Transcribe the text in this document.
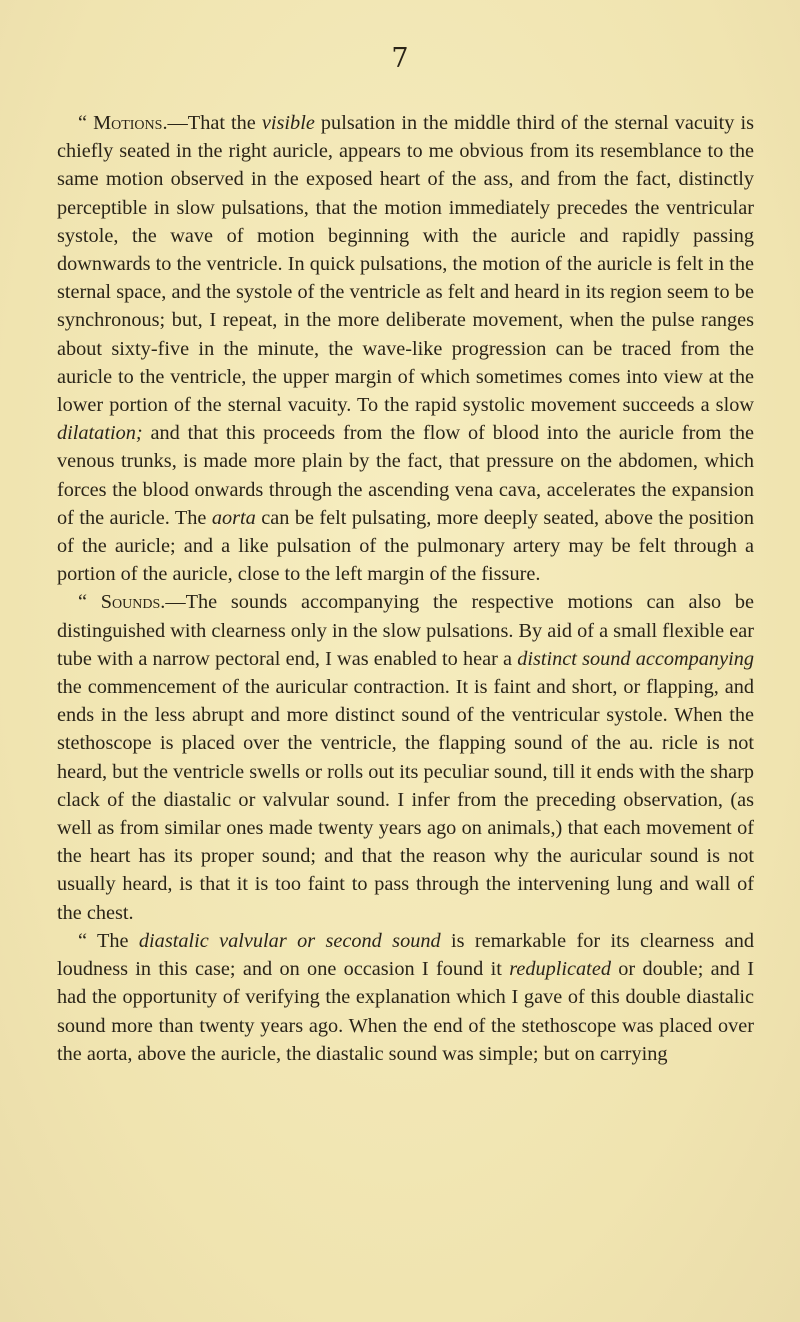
7

“ Motions.—That the visible pulsation in the middle third of the sternal vacuity is chiefly seated in the right auricle, appears to me obvious from its resemblance to the same motion observed in the exposed heart of the ass, and from the fact, distinctly perceptible in slow pulsations, that the motion immediately precedes the ventricular systole, the wave of motion beginning with the auricle and rapidly passing downwards to the ventricle. In quick pulsations, the motion of the auricle is felt in the sternal space, and the systole of the ventricle as felt and heard in its region seem to be synchronous; but, I repeat, in the more deliberate movement, when the pulse ranges about sixty-five in the minute, the wave-like progression can be traced from the auricle to the ventricle, the upper margin of which sometimes comes into view at the lower portion of the sternal vacuity. To the rapid systolic movement succeeds a slow dilatation; and that this proceeds from the flow of blood into the auricle from the venous trunks, is made more plain by the fact, that pressure on the abdomen, which forces the blood onwards through the ascending vena cava, accelerates the expansion of the auricle. The aorta can be felt pulsating, more deeply seated, above the position of the auricle; and a like pulsation of the pulmonary artery may be felt through a portion of the auricle, close to the left margin of the fissure.

“ Sounds.—The sounds accompanying the respective motions can also be distinguished with clearness only in the slow pulsations. By aid of a small flexible ear tube with a narrow pectoral end, I was enabled to hear a distinct sound accompanying the commencement of the auricular contraction. It is faint and short, or flapping, and ends in the less abrupt and more distinct sound of the ventricular systole. When the stethoscope is placed over the ventricle, the flapping sound of the au. ricle is not heard, but the ventricle swells or rolls out its peculiar sound, till it ends with the sharp clack of the diastalic or valvular sound. I infer from the preceding observation, (as well as from similar ones made twenty years ago on animals,) that each movement of the heart has its proper sound; and that the reason why the auricular sound is not usually heard, is that it is too faint to pass through the intervening lung and wall of the chest.

“ The diastalic valvular or second sound is remarkable for its clearness and loudness in this case; and on one occasion I found it reduplicated or double; and I had the opportunity of verifying the explanation which I gave of this double diastalic sound more than twenty years ago. When the end of the stethoscope was placed over the aorta, above the auricle, the diastalic sound was simple; but on carrying
